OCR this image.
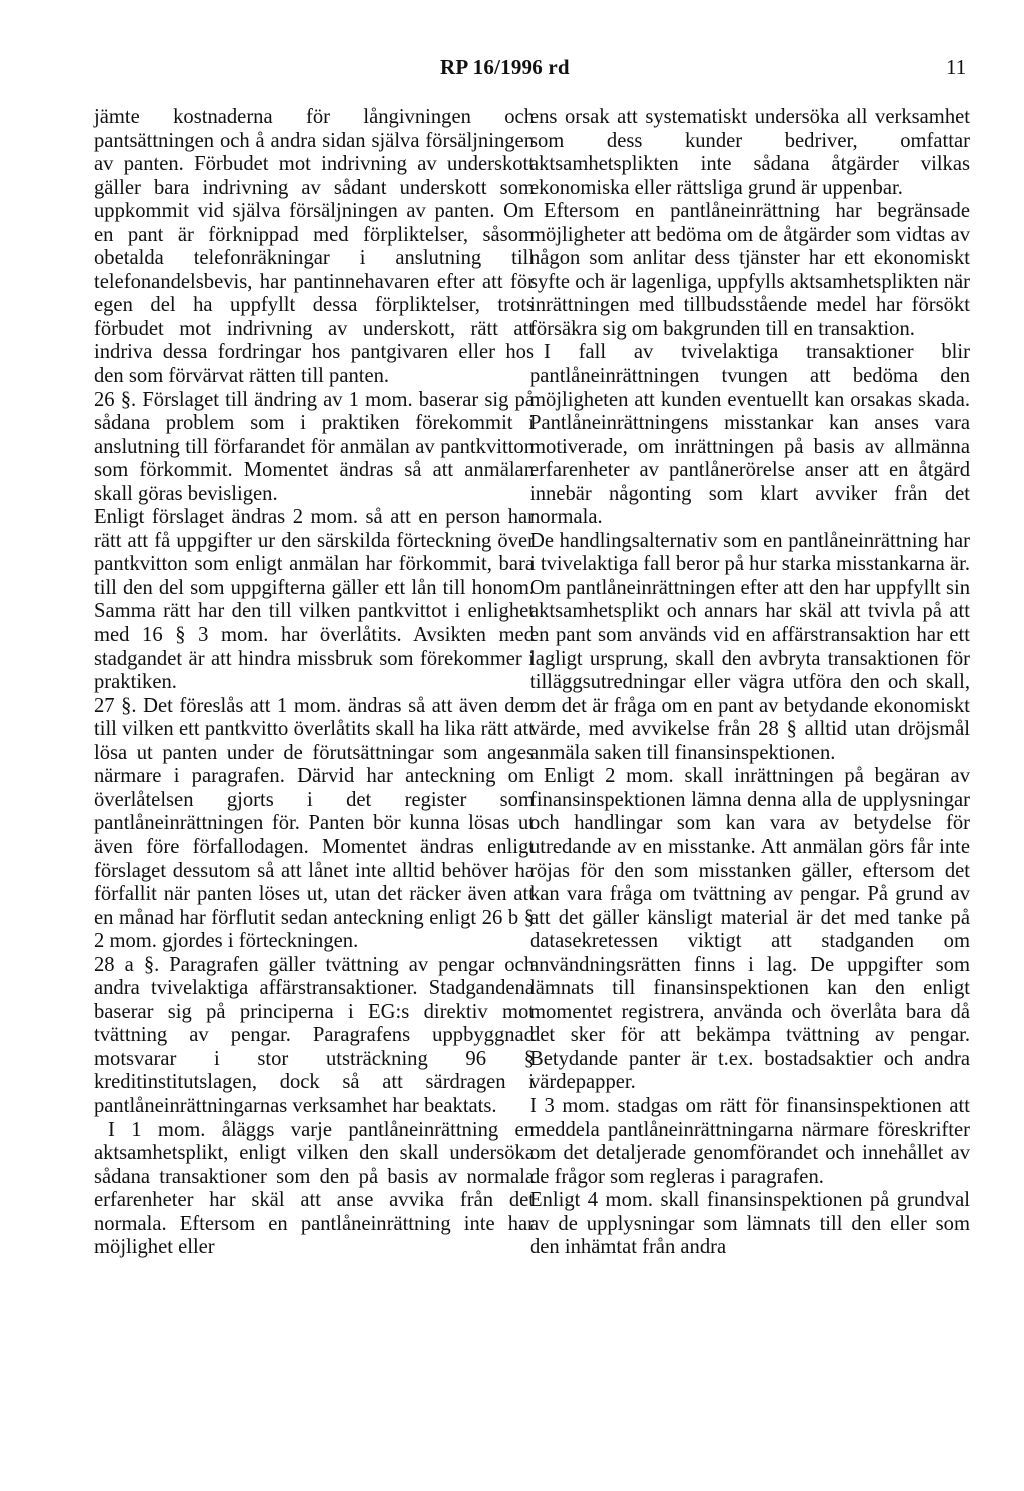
RP 16/1996 rd	11

jämte kostnaderna för långivningen och pantsättningen och å andra sidan själva försäljningen av panten. Förbudet mot indrivning av underskott gäller bara indrivning av sådant underskott som uppkommit vid själva försäljningen av panten. Om en pant är förknippad med förpliktelser, såsom obetalda telefonräkningar i anslutning till telefonandelsbevis, har pantinnehavaren efter att för egen del ha uppfyllt dessa förpliktelser, trots förbudet mot indrivning av underskott, rätt att indriva dessa fordringar hos pantgivaren eller hos den som förvärvat rätten till panten.

26 §. Förslaget till ändring av 1 mom. baserar sig på sådana problem som i praktiken förekommit i anslutning till förfarandet för anmälan av pantkvitton som förkommit. Momentet ändras så att anmälan skall göras bevisligen.

Enligt förslaget ändras 2 mom. så att en person har rätt att få uppgifter ur den särskilda förteckning över pantkvitton som enligt anmälan har förkommit, bara till den del som uppgifterna gäller ett lån till honom. Samma rätt har den till vilken pantkvittot i enlighet med 16 § 3 mom. har överlåtits. Avsikten med stadgandet är att hindra missbruk som förekommer i praktiken.

27 §. Det föreslås att 1 mom. ändras så att även den till vilken ett pantkvitto överlåtits skall ha lika rätt att lösa ut panten under de förutsättningar som anges närmare i paragrafen. Därvid har anteckning om överlåtelsen gjorts i det register som pantlåneinrättningen för. Panten bör kunna lösas ut även före förfallodagen. Momentet ändras enligt förslaget dessutom så att lånet inte alltid behöver ha förfallit när panten löses ut, utan det räcker även att en månad har förflutit sedan anteckning enligt 26 b § 2 mom. gjordes i förteckningen.

28 a §. Paragrafen gäller tvättning av pengar och andra tvivelaktiga affärstransaktioner. Stadgandena baserar sig på principerna i EG:s direktiv mot tvättning av pengar. Paragrafens uppbyggnad motsvarar i stor utsträckning 96 § kreditinstitutslagen, dock så att särdragen i pantlåneinrättningarnas verksamhet har beaktats.

I 1 mom. åläggs varje pantlåneinrättning en aktsamhetsplikt, enligt vilken den skall undersöka sådana transaktioner som den på basis av normala erfarenheter har skäl att anse avvika från det normala. Eftersom en pantlåneinrättning inte har möjlighet eller

ens orsak att systematiskt undersöka all verksamhet som dess kunder bedriver, omfattar aktsamhetsplikten inte sådana åtgärder vilkas ekonomiska eller rättsliga grund är uppenbar.

Eftersom en pantlåneinrättning har begränsade möjligheter att bedöma om de åtgärder som vidtas av någon som anlitar dess tjänster har ett ekonomiskt syfte och är lagenliga, uppfylls aktsamhetsplikten när inrättningen med tillbudsstående medel har försökt försäkra sig om bakgrunden till en transaktion.

I fall av tvivelaktiga transaktioner blir pantlåneinrättningen tvungen att bedöma den möjligheten att kunden eventuellt kan orsakas skada. Pantlåneinrättningens misstankar kan anses vara motiverade, om inrättningen på basis av allmänna erfarenheter av pantlånerörelse anser att en åtgärd innebär någonting som klart avviker från det normala.

De handlingsalternativ som en pantlåneinrättning har i tvivelaktiga fall beror på hur starka misstankarna är. Om pantlåneinrättningen efter att den har uppfyllt sin aktsamhetsplikt och annars har skäl att tvivla på att en pant som används vid en affärstransaktion har ett lagligt ursprung, skall den avbryta transaktionen för tilläggsutredningar eller vägra utföra den och skall, om det är fråga om en pant av betydande ekonomiskt värde, med avvikelse från 28 § alltid utan dröjsmål anmäla saken till finansinspektionen.

Enligt 2 mom. skall inrättningen på begäran av finansinspektionen lämna denna alla de upplysningar och handlingar som kan vara av betydelse för utredande av en misstanke. Att anmälan görs får inte röjas för den som misstanken gäller, eftersom det kan vara fråga om tvättning av pengar. På grund av att det gäller känsligt material är det med tanke på datasekretessen viktigt att stadganden om användningsrätten finns i lag. De uppgifter som lämnats till finansinspektionen kan den enligt momentet registrera, använda och överlåta bara då det sker för att bekämpa tvättning av pengar. Betydande panter är t.ex. bostadsaktier och andra värdepapper.

I 3 mom. stadgas om rätt för finansinspektionen att meddela pantlåneinrättningarna närmare föreskrifter om det detaljerade genomförandet och innehållet av de frågor som regleras i paragrafen.

Enligt 4 mom. skall finansinspektionen på grundval av de upplysningar som lämnats till den eller som den inhämtat från andra
